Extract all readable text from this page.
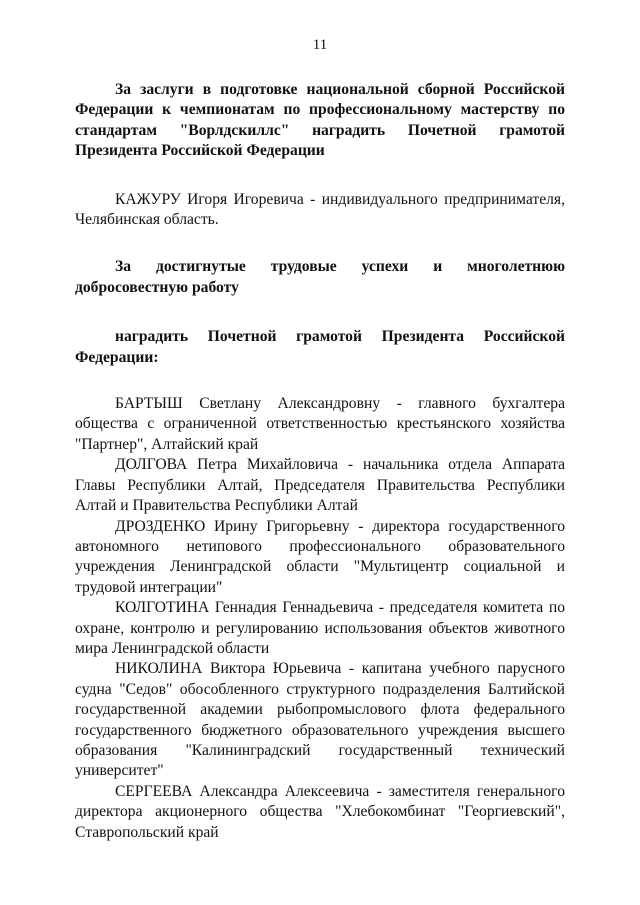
11

За заслуги в подготовке национальной сборной Российской Федерации к чемпионатам по профессиональному мастерству по стандартам "Ворлдскиллс" наградить Почетной грамотой Президента Российской Федерации

КАЖУРУ Игоря Игоревича - индивидуального предпринимателя, Челябинская область.

За достигнутые трудовые успехи и многолетнюю добросовестную работу

наградить Почетной грамотой Президента Российской Федерации:

БАРТЫШ Светлану Александровну - главного бухгалтера общества с ограниченной ответственностью крестьянского хозяйства "Партнер", Алтайский край

ДОЛГОВА Петра Михайловича - начальника отдела Аппарата Главы Республики Алтай, Председателя Правительства Республики Алтай и Правительства Республики Алтай

ДРОЗДЕНКО Ирину Григорьевну - директора государственного автономного нетипового профессионального образовательного учреждения Ленинградской области "Мультицентр социальной и трудовой интеграции"

КОЛГОТИНА Геннадия Геннадьевича - председателя комитета по охране, контролю и регулированию использования объектов животного мира Ленинградской области

НИКОЛИНА Виктора Юрьевича - капитана учебного парусного судна "Седов" обособленного структурного подразделения Балтийской государственной академии рыбопромыслового флота федерального государственного бюджетного образовательного учреждения высшего образования "Калининградский государственный технический университет"

СЕРГЕЕВА Александра Алексеевича - заместителя генерального директора акционерного общества "Хлебокомбинат "Георгиевский", Ставропольский край
